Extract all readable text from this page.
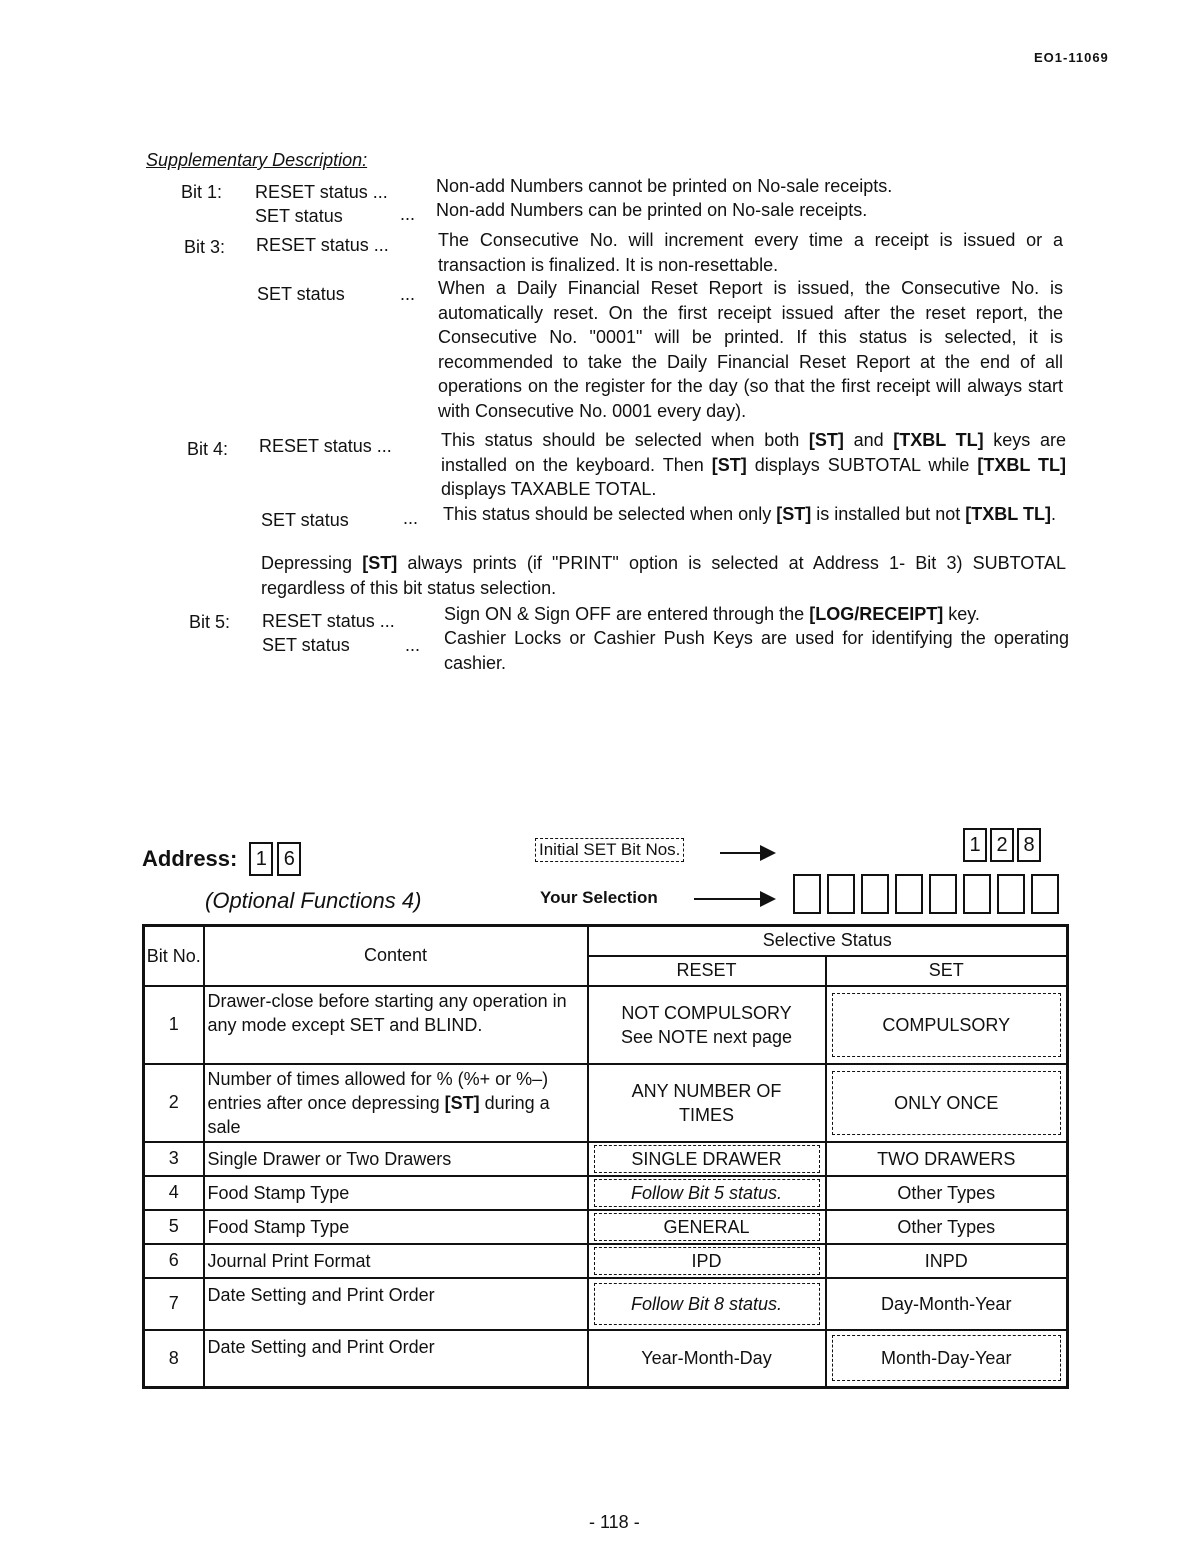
EO1-11069
Supplementary Description:
Bit 1:	RESET status ...	Non-add Numbers cannot be printed on No-sale receipts.
SET status	... Non-add Numbers can be printed on No-sale receipts.
Bit 3:	RESET status ...	The Consecutive No. will increment every time a receipt is issued or a transaction is finalized. It is non-resettable.
SET status	... When a Daily Financial Reset Report is issued, the Consecutive No. is automatically reset. On the first receipt issued after the reset report, the Consecutive No. "0001" will be printed. If this status is selected, it is recommended to take the Daily Financial Reset Report at the end of all operations on the register for the day (so that the first receipt will always start with Consecutive No. 0001 every day).
Bit 4:	RESET status ...	This status should be selected when both [ST] and [TXBL TL] keys are installed on the keyboard. Then [ST] displays SUBTOTAL while [TXBL TL] displays TAXABLE TOTAL.
SET status	... This status should be selected when only [ST] is installed but not [TXBL TL].
Depressing [ST] always prints (if "PRINT" option is selected at Address 1- Bit 3) SUBTOTAL regardless of this bit status selection.
Bit 5:	RESET status ...	Sign ON & Sign OFF are entered through the [LOG/RECEIPT] key.
SET status	... Cashier Locks or Cashier Push Keys are used for identifying the operating cashier.
Address: 1 6
(Optional Functions 4)
Initial SET Bit Nos.	1 2 8
Your Selection
Bit No.	Content	Selective Status	
		RESET	SET
1	Drawer-close before starting any operation in any mode except SET and BLIND.	NOT COMPULSORY See NOTE next page	COMPULSORY

2	Number of times allowed for % (%+ or %–) entries after once depressing [ST] during a sale	ANY NUMBER OF TIMES	ONLY ONCE

3	Single Drawer or Two Drawers	SINGLE DRAWER	TWO DRAWERS
4	Food Stamp Type	Follow Bit 5 status.	Other Types
5	Food Stamp Type	GENERAL	Other Types
6	Journal Print Format	IPD	INPD
7	Date Setting and Print Order	Follow Bit 8 status.	Day-Month-Year
8	Date Setting and Print Order	Year-Month-Day	Month-Day-Year
- 118 -
